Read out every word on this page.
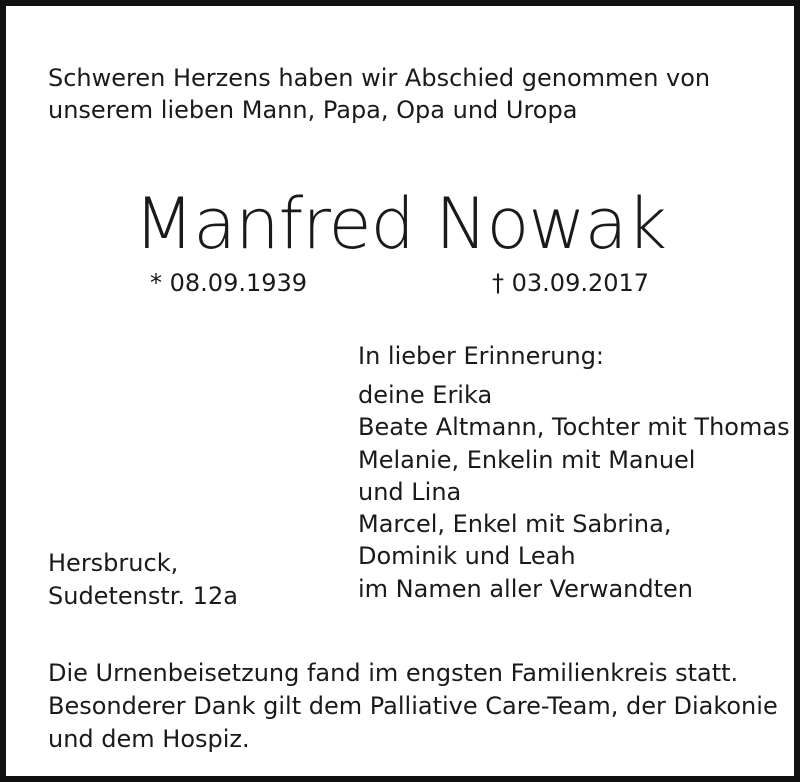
Schweren Herzens haben wir Abschied genommen von
unserem lieben Mann, Papa, Opa und Uropa
Manfred Nowak
* 08.09.1939	† 03.09.2017
In lieber Erinnerung:
deine Erika
Beate Altmann, Tochter mit Thomas
Melanie, Enkelin mit Manuel
und Lina
Marcel, Enkel mit Sabrina,
Dominik und Leah
im Namen aller Verwandten
Hersbruck,
Sudetenstr. 12a
Die Urnenbeisetzung fand im engsten Familienkreis statt.
Besonderer Dank gilt dem Palliative Care-Team, der Diakonie
und dem Hospiz.
